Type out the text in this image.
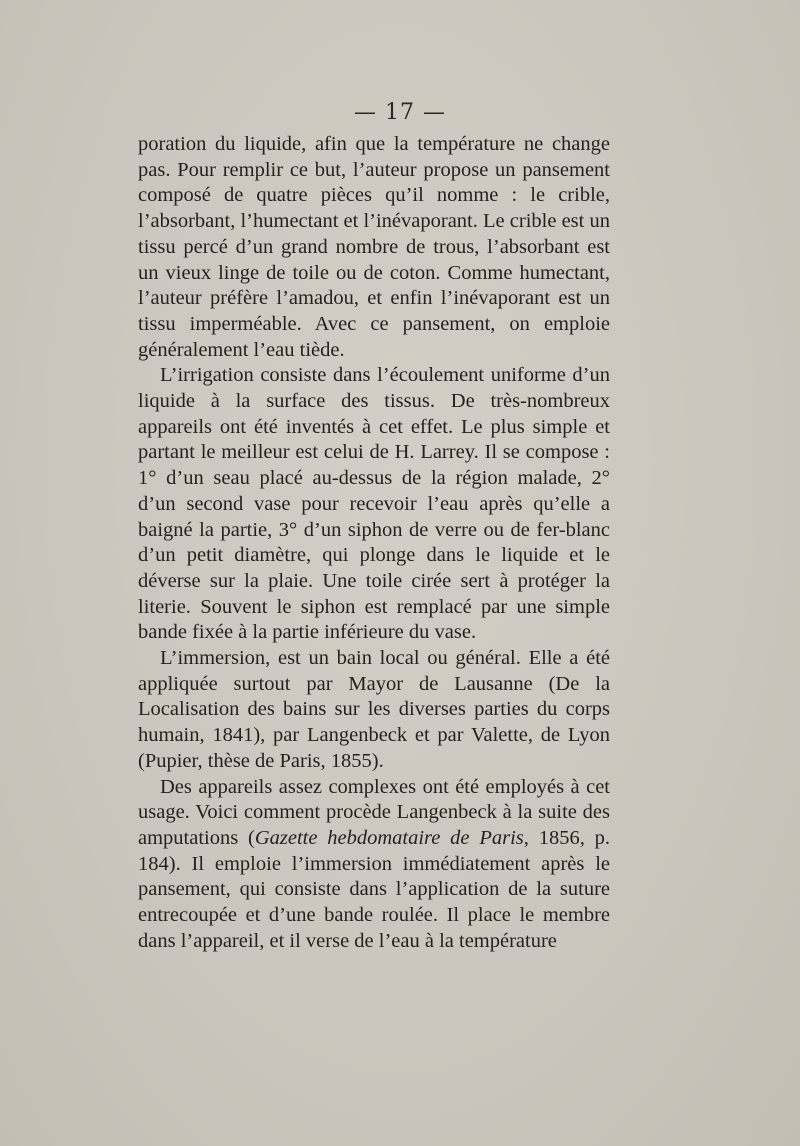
— 17 —

poration du liquide, afin que la température ne change pas. Pour remplir ce but, l’auteur propose un pansement composé de quatre pièces qu’il nomme : le crible, l’absorbant, l’humectant et l’inévaporant. Le crible est un tissu percé d’un grand nombre de trous, l’absorbant est un vieux linge de toile ou de coton. Comme humectant, l’auteur préfère l’amadou, et enfin l’inévaporant est un tissu imperméable. Avec ce pansement, on emploie généralement l’eau tiède.

L’irrigation consiste dans l’écoulement uniforme d’un liquide à la surface des tissus. De très-nombreux appareils ont été inventés à cet effet. Le plus simple et partant le meilleur est celui de H. Larrey. Il se compose : 1° d’un seau placé au-dessus de la région malade, 2° d’un second vase pour recevoir l’eau après qu’elle a baigné la partie, 3° d’un siphon de verre ou de fer-blanc d’un petit diamètre, qui plonge dans le liquide et le déverse sur la plaie. Une toile cirée sert à protéger la literie. Souvent le siphon est remplacé par une simple bande fixée à la partie inférieure du vase.

L’immersion, est un bain local ou général. Elle a été appliquée surtout par Mayor de Lausanne (De la Localisation des bains sur les diverses parties du corps humain, 1841), par Langenbeck et par Valette, de Lyon (Pupier, thèse de Paris, 1855).

Des appareils assez complexes ont été employés à cet usage. Voici comment procède Langenbeck à la suite des amputations (Gazette hebdomataire de Paris, 1856, p. 184). Il emploie l’immersion immédiatement après le pansement, qui consiste dans l’application de la suture entrecoupée et d’une bande roulée. Il place le membre dans l’appareil, et il verse de l’eau à la température
